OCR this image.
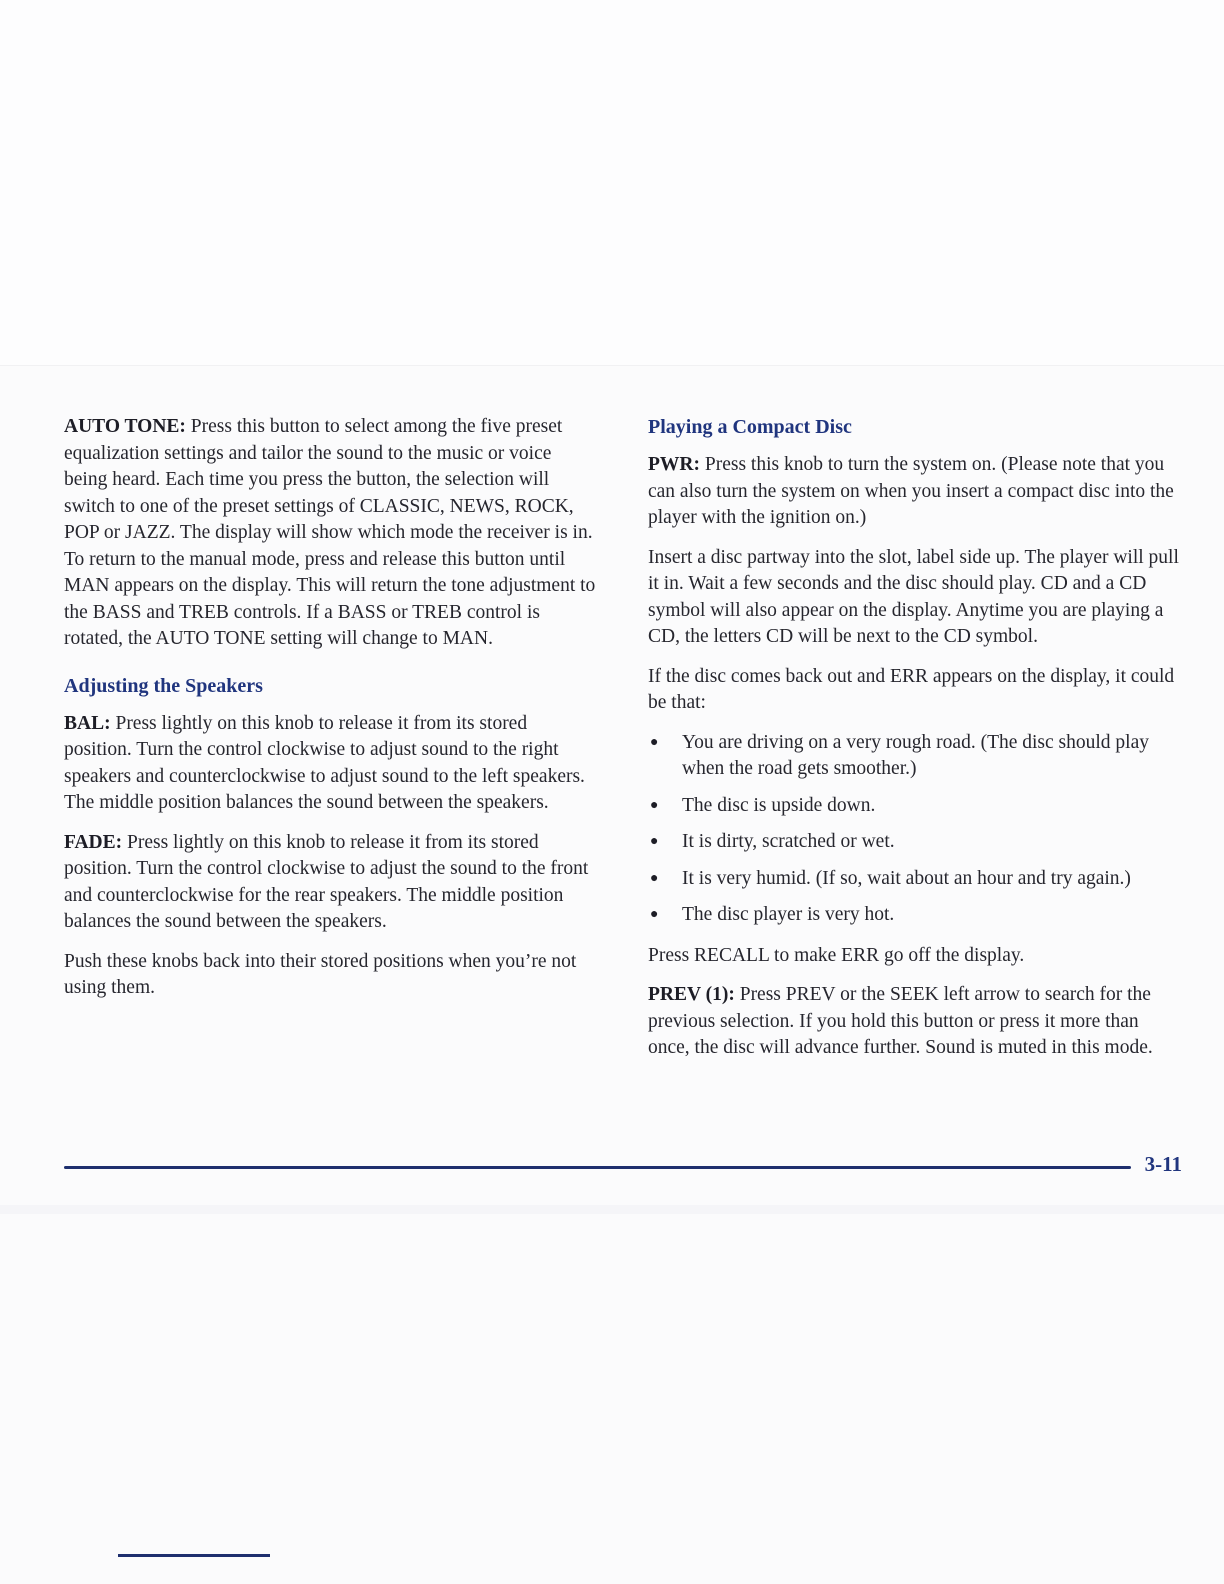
AUTO TONE: Press this button to select among the five preset equalization settings and tailor the sound to the music or voice being heard. Each time you press the button, the selection will switch to one of the preset settings of CLASSIC, NEWS, ROCK, POP or JAZZ. The display will show which mode the receiver is in. To return to the manual mode, press and release this button until MAN appears on the display. This will return the tone adjustment to the BASS and TREB controls. If a BASS or TREB control is rotated, the AUTO TONE setting will change to MAN.

Adjusting the Speakers

BAL: Press lightly on this knob to release it from its stored position. Turn the control clockwise to adjust sound to the right speakers and counterclockwise to adjust sound to the left speakers. The middle position balances the sound between the speakers.

FADE: Press lightly on this knob to release it from its stored position. Turn the control clockwise to adjust the sound to the front and counterclockwise for the rear speakers. The middle position balances the sound between the speakers.

Push these knobs back into their stored positions when you’re not using them.

Playing a Compact Disc

PWR: Press this knob to turn the system on. (Please note that you can also turn the system on when you insert a compact disc into the player with the ignition on.)

Insert a disc partway into the slot, label side up. The player will pull it in. Wait a few seconds and the disc should play. CD and a CD symbol will also appear on the display. Anytime you are playing a CD, the letters CD will be next to the CD symbol.

If the disc comes back out and ERR appears on the display, it could be that:

● You are driving on a very rough road. (The disc should play when the road gets smoother.)
● The disc is upside down.
● It is dirty, scratched or wet.
● It is very humid. (If so, wait about an hour and try again.)
● The disc player is very hot.

Press RECALL to make ERR go off the display.

PREV (1): Press PREV or the SEEK left arrow to search for the previous selection. If you hold this button or press it more than once, the disc will advance further. Sound is muted in this mode.

3-11
